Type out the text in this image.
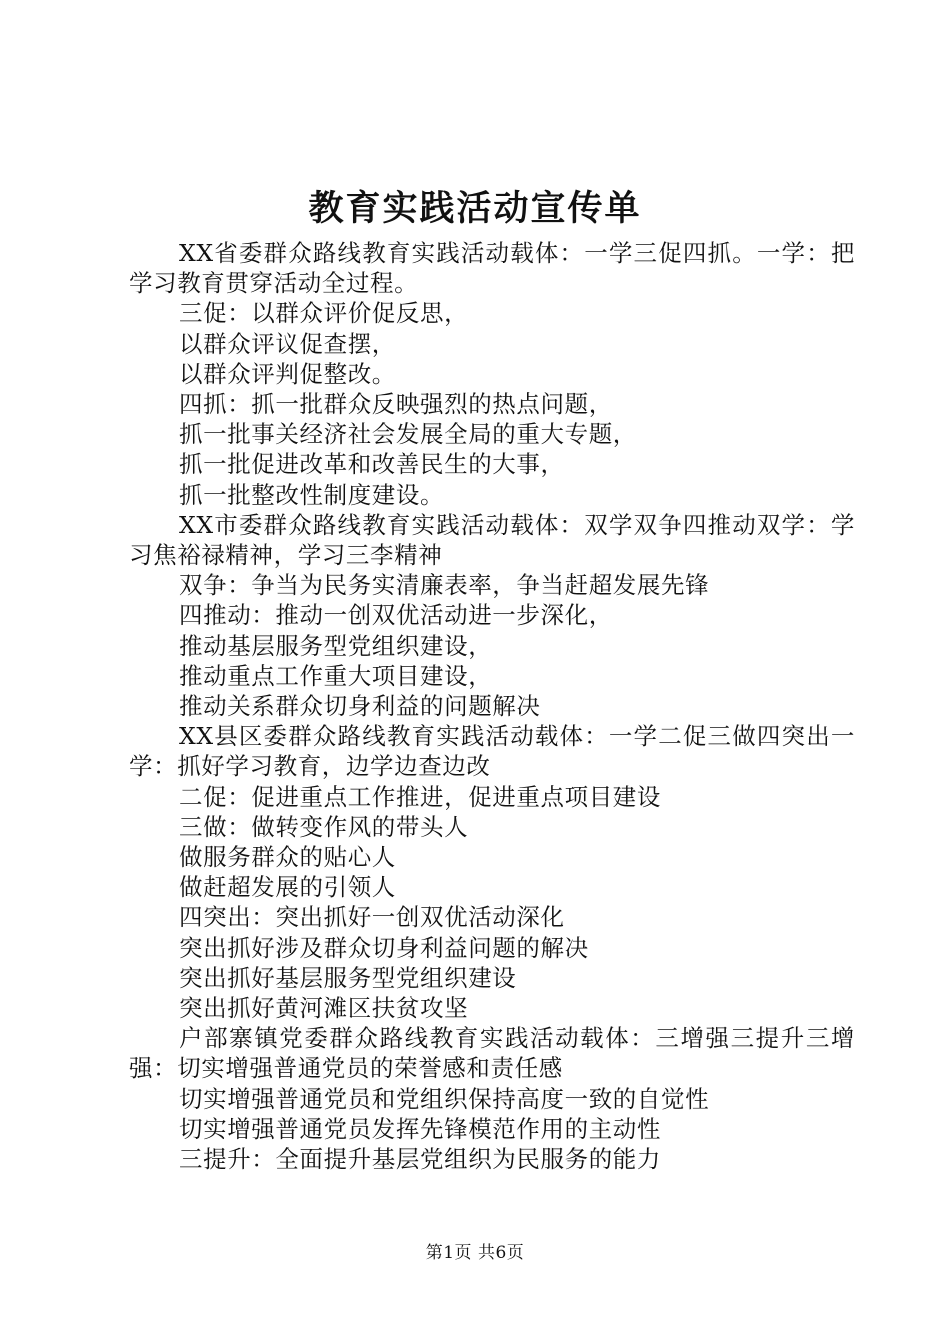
教育实践活动宣传单

XX省委群众路线教育实践活动载体：一学三促四抓。一学：把学习教育贯穿活动全过程。

三促：以群众评价促反思，

以群众评议促查摆，

以群众评判促整改。

四抓：抓一批群众反映强烈的热点问题，

抓一批事关经济社会发展全局的重大专题，

抓一批促进改革和改善民生的大事，

抓一批整改性制度建设。

XX市委群众路线教育实践活动载体：双学双争四推动双学：学习焦裕禄精神，学习三李精神

双争：争当为民务实清廉表率，争当赶超发展先锋

四推动：推动一创双优活动进一步深化，

推动基层服务型党组织建设，

推动重点工作重大项目建设，

推动关系群众切身利益的问题解决

XX县区委群众路线教育实践活动载体：一学二促三做四突出一学：抓好学习教育，边学边查边改

二促：促进重点工作推进，促进重点项目建设

三做：做转变作风的带头人

做服务群众的贴心人

做赶超发展的引领人

四突出：突出抓好一创双优活动深化

突出抓好涉及群众切身利益问题的解决

突出抓好基层服务型党组织建设

突出抓好黄河滩区扶贫攻坚

户部寨镇党委群众路线教育实践活动载体：三增强三提升三增强：切实增强普通党员的荣誉感和责任感

切实增强普通党员和党组织保持高度一致的自觉性

切实增强普通党员发挥先锋模范作用的主动性

三提升：全面提升基层党组织为民服务的能力

第1页 共6页
